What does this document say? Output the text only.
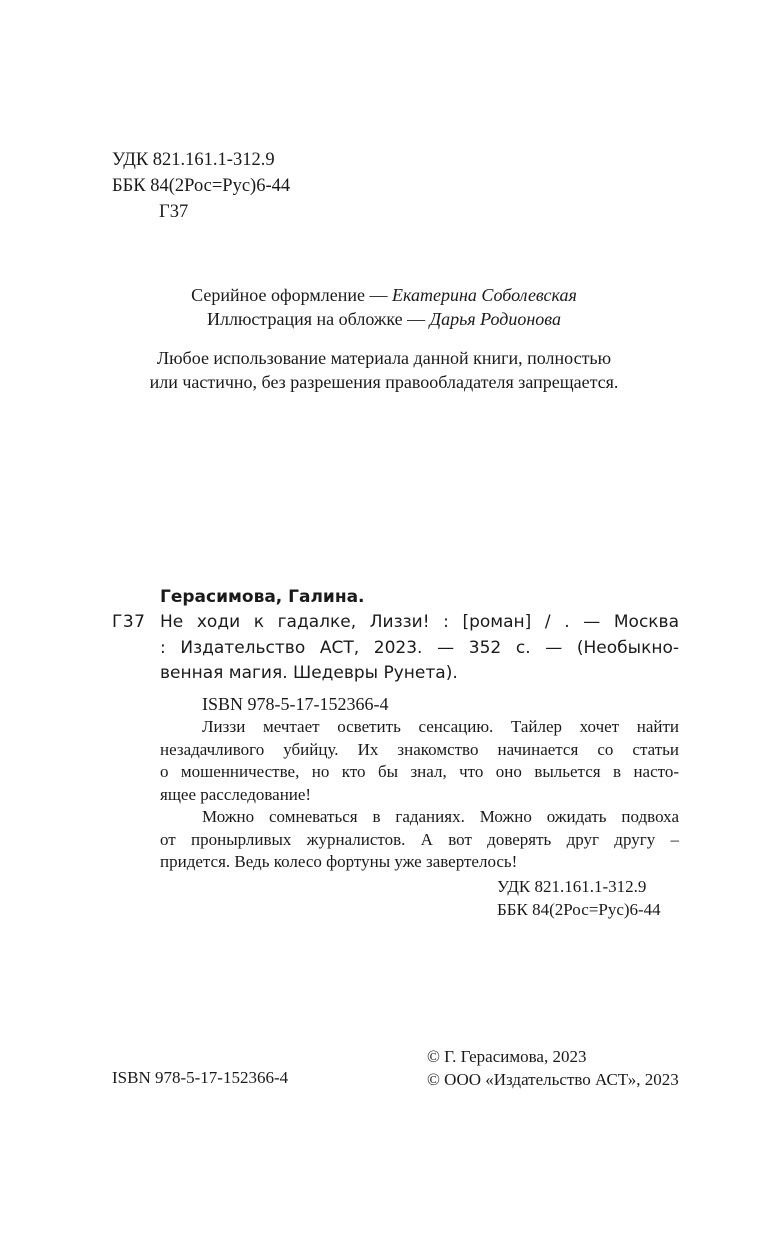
УДК 821.161.1-312.9
ББК 84(2Рос=Рус)6-44
Г37
Серийное оформление — Екатерина Соболевская
Иллюстрация на обложке — Дарья Родионова
Любое использование материала данной книги, полностью
или частично, без разрешения правообладателя запрещается.
Герасимова, Галина.
Г37 Не ходи к гадалке, Лиззи! : [роман] / . — Москва
: Издательство АСТ, 2023. — 352 с. — (Необыкно-
венная магия. Шедевры Рунета).
ISBN 978-5-17-152366-4
Лиззи мечтает осветить сенсацию. Тайлер хочет найти
незадачливого убийцу. Их знакомство начинается со статьи
о мошенничестве, но кто бы знал, что оно выльется в насто-
ящее расследование!
Можно сомневаться в гаданиях. Можно ожидать подвоха
от пронырливых журналистов. А вот доверять друг другу –
придется. Ведь колесо фортуны уже завертелось!
УДК 821.161.1-312.9
ББК 84(2Рос=Рус)6-44
© Г. Герасимова, 2023
© ООО «Издательство АСТ», 2023
ISBN 978-5-17-152366-4
